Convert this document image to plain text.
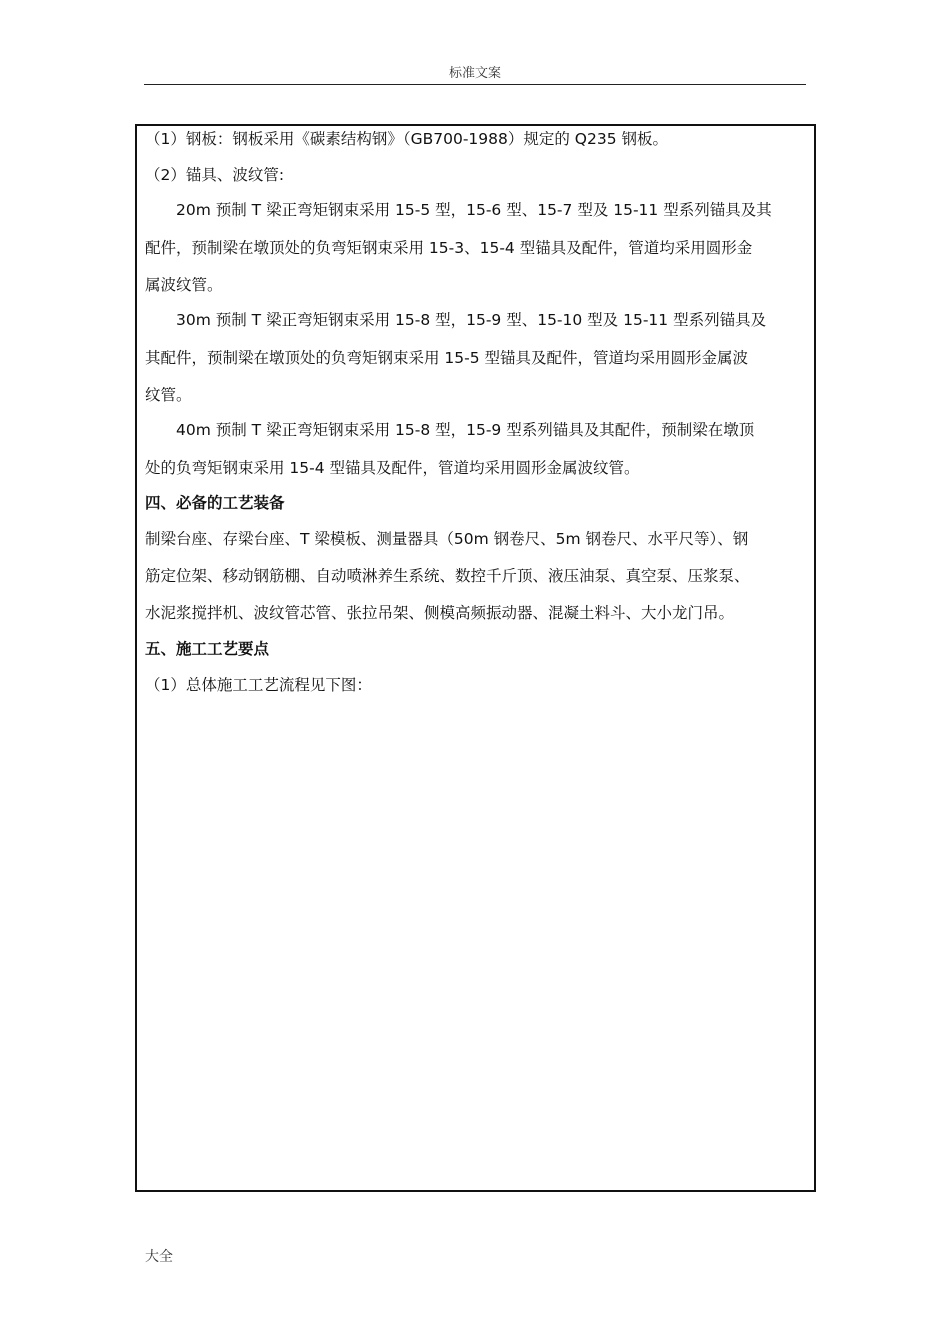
标准文案
（1）钢板：钢板采用《碳素结构钢》（GB700-1988）规定的 Q235 钢板。
（2）锚具、波纹管:
　　20m 预制 T 梁正弯矩钢束采用 15-5 型，15-6 型、15-7 型及 15-11 型系列锚具及其
配件，预制梁在墩顶处的负弯矩钢束采用 15-3、15-4 型锚具及配件，管道均采用圆形金
属波纹管。
　　30m 预制 T 梁正弯矩钢束采用 15-8 型，15-9 型、15-10 型及 15-11 型系列锚具及
其配件，预制梁在墩顶处的负弯矩钢束采用 15-5 型锚具及配件，管道均采用圆形金属波
纹管。
　　40m 预制 T 梁正弯矩钢束采用 15-8 型，15-9 型系列锚具及其配件，预制梁在墩顶
处的负弯矩钢束采用 15-4 型锚具及配件，管道均采用圆形金属波纹管。
四、必备的工艺装备
制梁台座、存梁台座、T 梁模板、测量器具（50m 钢卷尺、5m 钢卷尺、水平尺等）、钢
筋定位架、移动钢筋棚、自动喷淋养生系统、数控千斤顶、液压油泵、真空泵、压浆泵、
水泥浆搅拌机、波纹管芯管、张拉吊架、侧模高频振动器、混凝土料斗、大小龙门吊。
五、施工工艺要点
（1）总体施工工艺流程见下图：
大全
